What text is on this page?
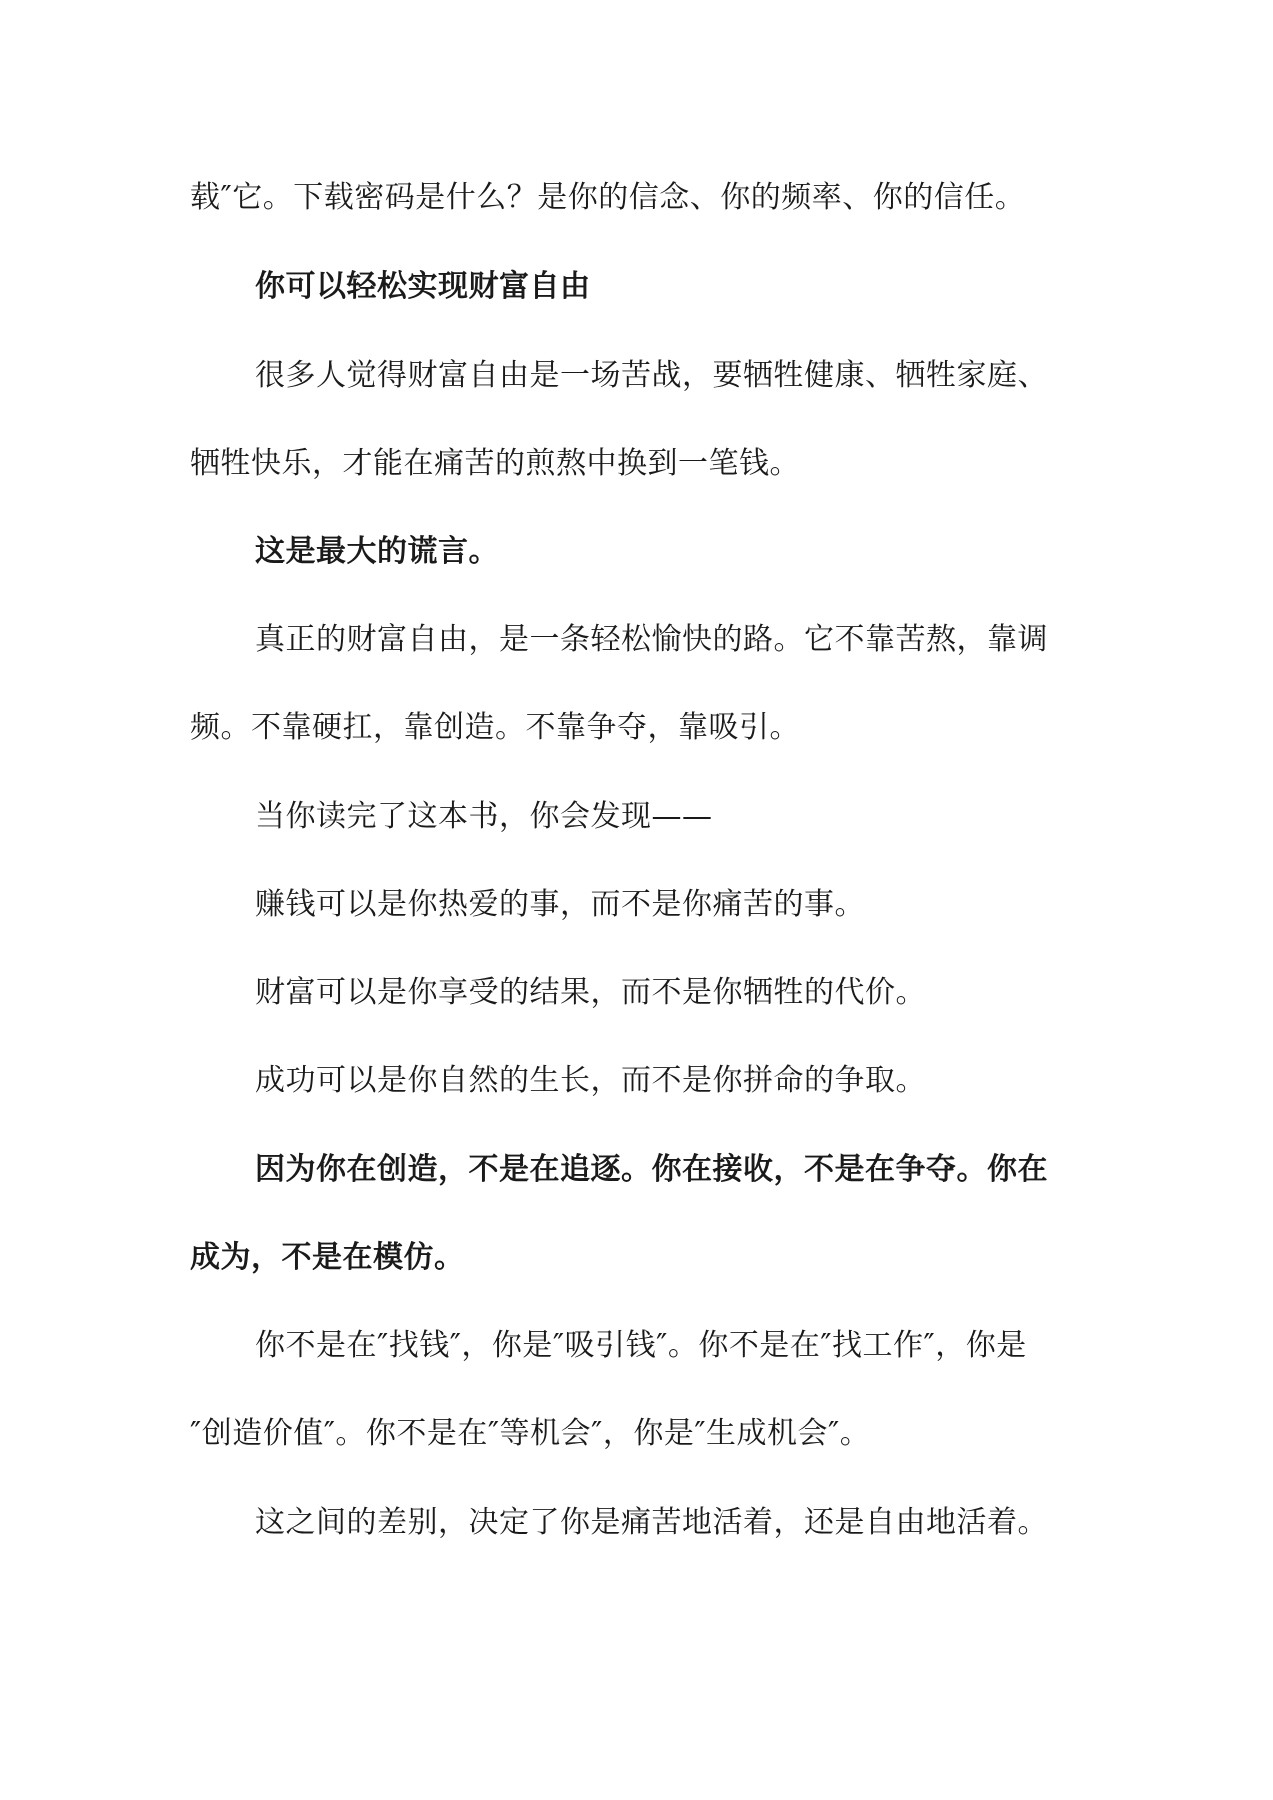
载″它。下载密码是什么？是你的信念、你的频率、你的信任。
你可以轻松实现财富自由
很多人觉得财富自由是一场苦战，要牺牲健康、牺牲家庭、
牺牲快乐，才能在痛苦的煎熬中换到一笔钱。
这是最大的谎言。
真正的财富自由，是一条轻松愉快的路。它不靠苦熬，靠调
频。不靠硬扛，靠创造。不靠争夺，靠吸引。
当你读完了这本书，你会发现——
赚钱可以是你热爱的事，而不是你痛苦的事。
财富可以是你享受的结果，而不是你牺牲的代价。
成功可以是你自然的生长，而不是你拼命的争取。
因为你在创造，不是在追逐。你在接收，不是在争夺。你在
成为，不是在模仿。
你不是在″找钱″，你是″吸引钱″。你不是在″找工作″，你是
″创造价值″。你不是在″等机会″，你是″生成机会″。
这之间的差别，决定了你是痛苦地活着，还是自由地活着。
